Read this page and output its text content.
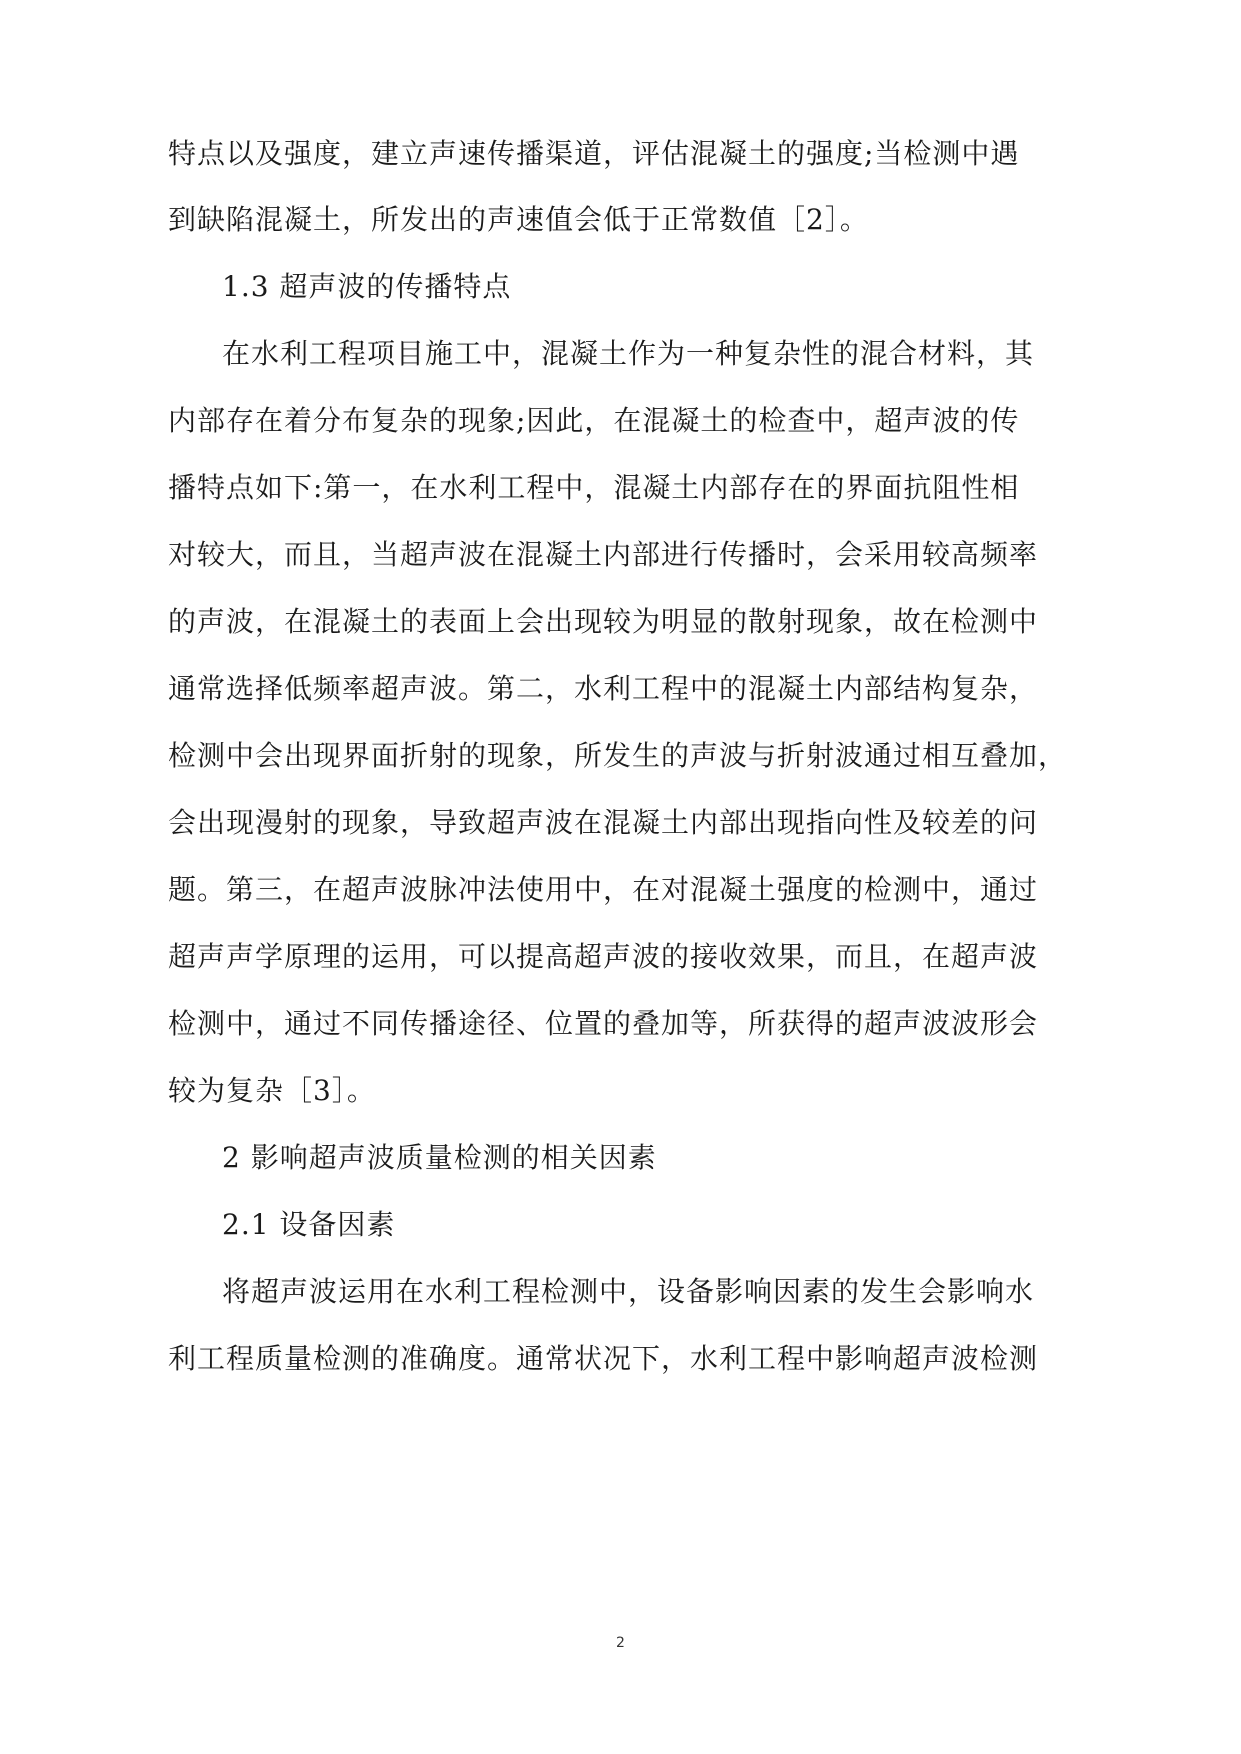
特点以及强度，建立声速传播渠道，评估混凝土的强度;当检测中遇
到缺陷混凝土，所发出的声速值会低于正常数值［2］。
1.3 超声波的传播特点
在水利工程项目施工中，混凝土作为一种复杂性的混合材料，其
内部存在着分布复杂的现象;因此，在混凝土的检查中，超声波的传
播特点如下:第一，在水利工程中，混凝土内部存在的界面抗阻性相
对较大，而且，当超声波在混凝土内部进行传播时，会采用较高频率
的声波，在混凝土的表面上会出现较为明显的散射现象，故在检测中
通常选择低频率超声波。第二，水利工程中的混凝土内部结构复杂，
检测中会出现界面折射的现象，所发生的声波与折射波通过相互叠加，
会出现漫射的现象，导致超声波在混凝土内部出现指向性及较差的问
题。第三，在超声波脉冲法使用中，在对混凝土强度的检测中，通过
超声声学原理的运用，可以提高超声波的接收效果，而且，在超声波
检测中，通过不同传播途径、位置的叠加等，所获得的超声波波形会
较为复杂［3］。
2 影响超声波质量检测的相关因素
2.1 设备因素
将超声波运用在水利工程检测中，设备影响因素的发生会影响水
利工程质量检测的准确度。通常状况下，水利工程中影响超声波检测
2
